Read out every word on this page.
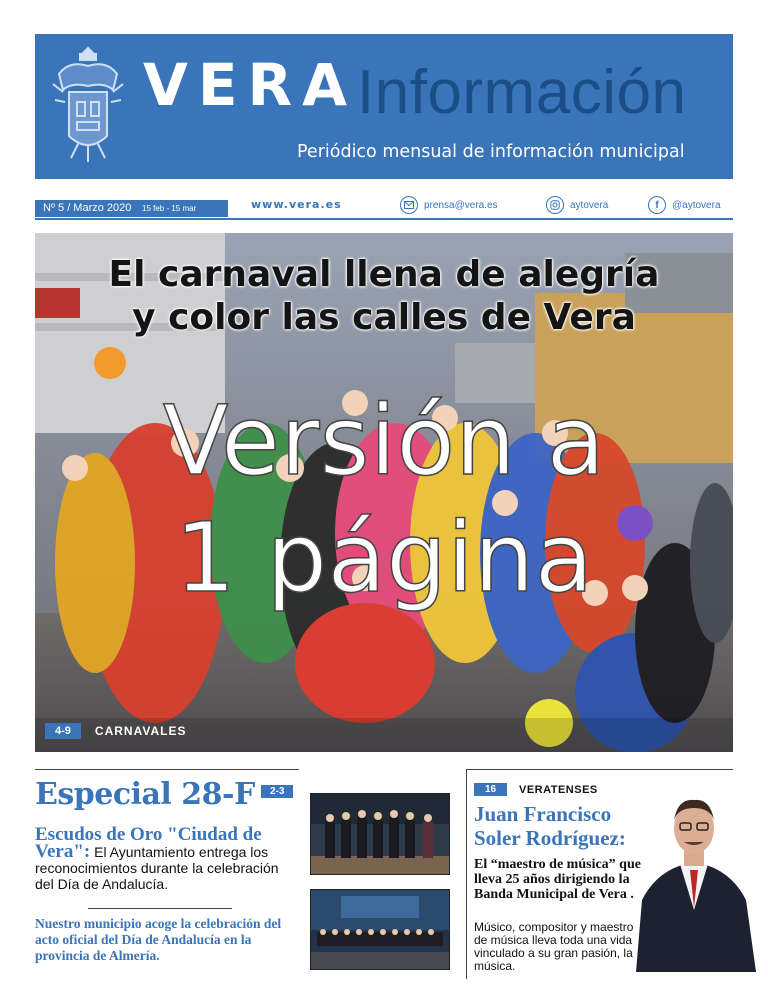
VERA Información
Periódico mensual de información municipal
Nº 5 / Marzo 2020 15 feb - 15 mar	www.vera.es	prensa@vera.es	aytovera	f	@aytovera
El carnaval llena de alegría
y color las calles de Vera
Versión a
1 página
4-9	CARNAVALES
Especial 28-F	2-3
Escudos de Oro "Ciudad de Vera": El Ayuntamiento entrega los reconocimientos durante la celebración del Día de Andalucía.
Nuestro municipio acoge la celebración del acto oficial del Día de Andalucía en la provincia de Almería.
16	VERATENSES
Juan Francisco Soler Rodríguez:
El “maestro de música” que lleva 25 años dirigiendo la Banda Municipal de Vera .
Músico, compositor y maestro de música lleva toda una vida vinculado a su gran pasión, la música.
